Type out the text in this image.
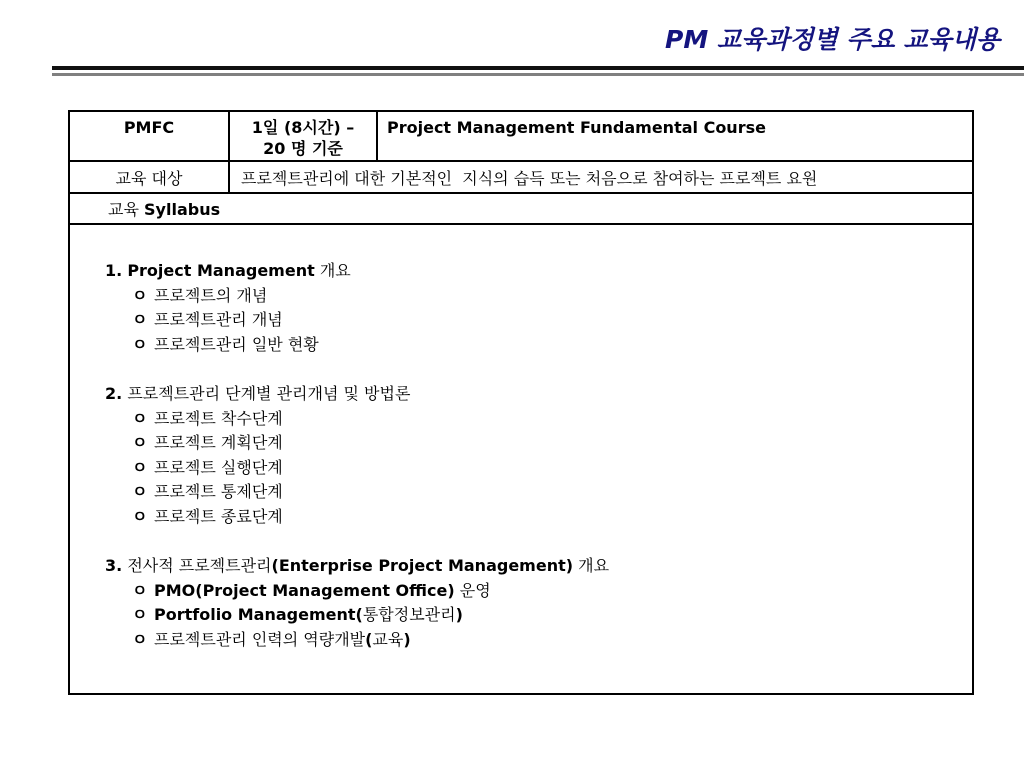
PM 교육과정별 주요 교육내용
PMFC	1일 (8시간) –
20 명 기준
Project Management Fundamental Course
교육 대상	프로젝트관리에 대한 기본적인  지식의 습득 또는 처음으로 참여하는 프로젝트 요원
교육 Syllabus
1. Project Management 개요
ㅇ 프로젝트의 개념
ㅇ 프로젝트관리 개념
ㅇ 프로젝트관리 일반 현황
2. 프로젝트관리 단계별 관리개념 및 방법론
ㅇ 프로젝트 착수단계
ㅇ 프로젝트 계획단계
ㅇ 프로젝트 실행단계
ㅇ 프로젝트 통제단계
ㅇ 프로젝트 종료단계
3. 전사적 프로젝트관리(Enterprise Project Management) 개요
ㅇ PMO(Project Management Office) 운영
ㅇ Portfolio Management(통합정보관리)
ㅇ 프로젝트관리 인력의 역량개발(교육)
